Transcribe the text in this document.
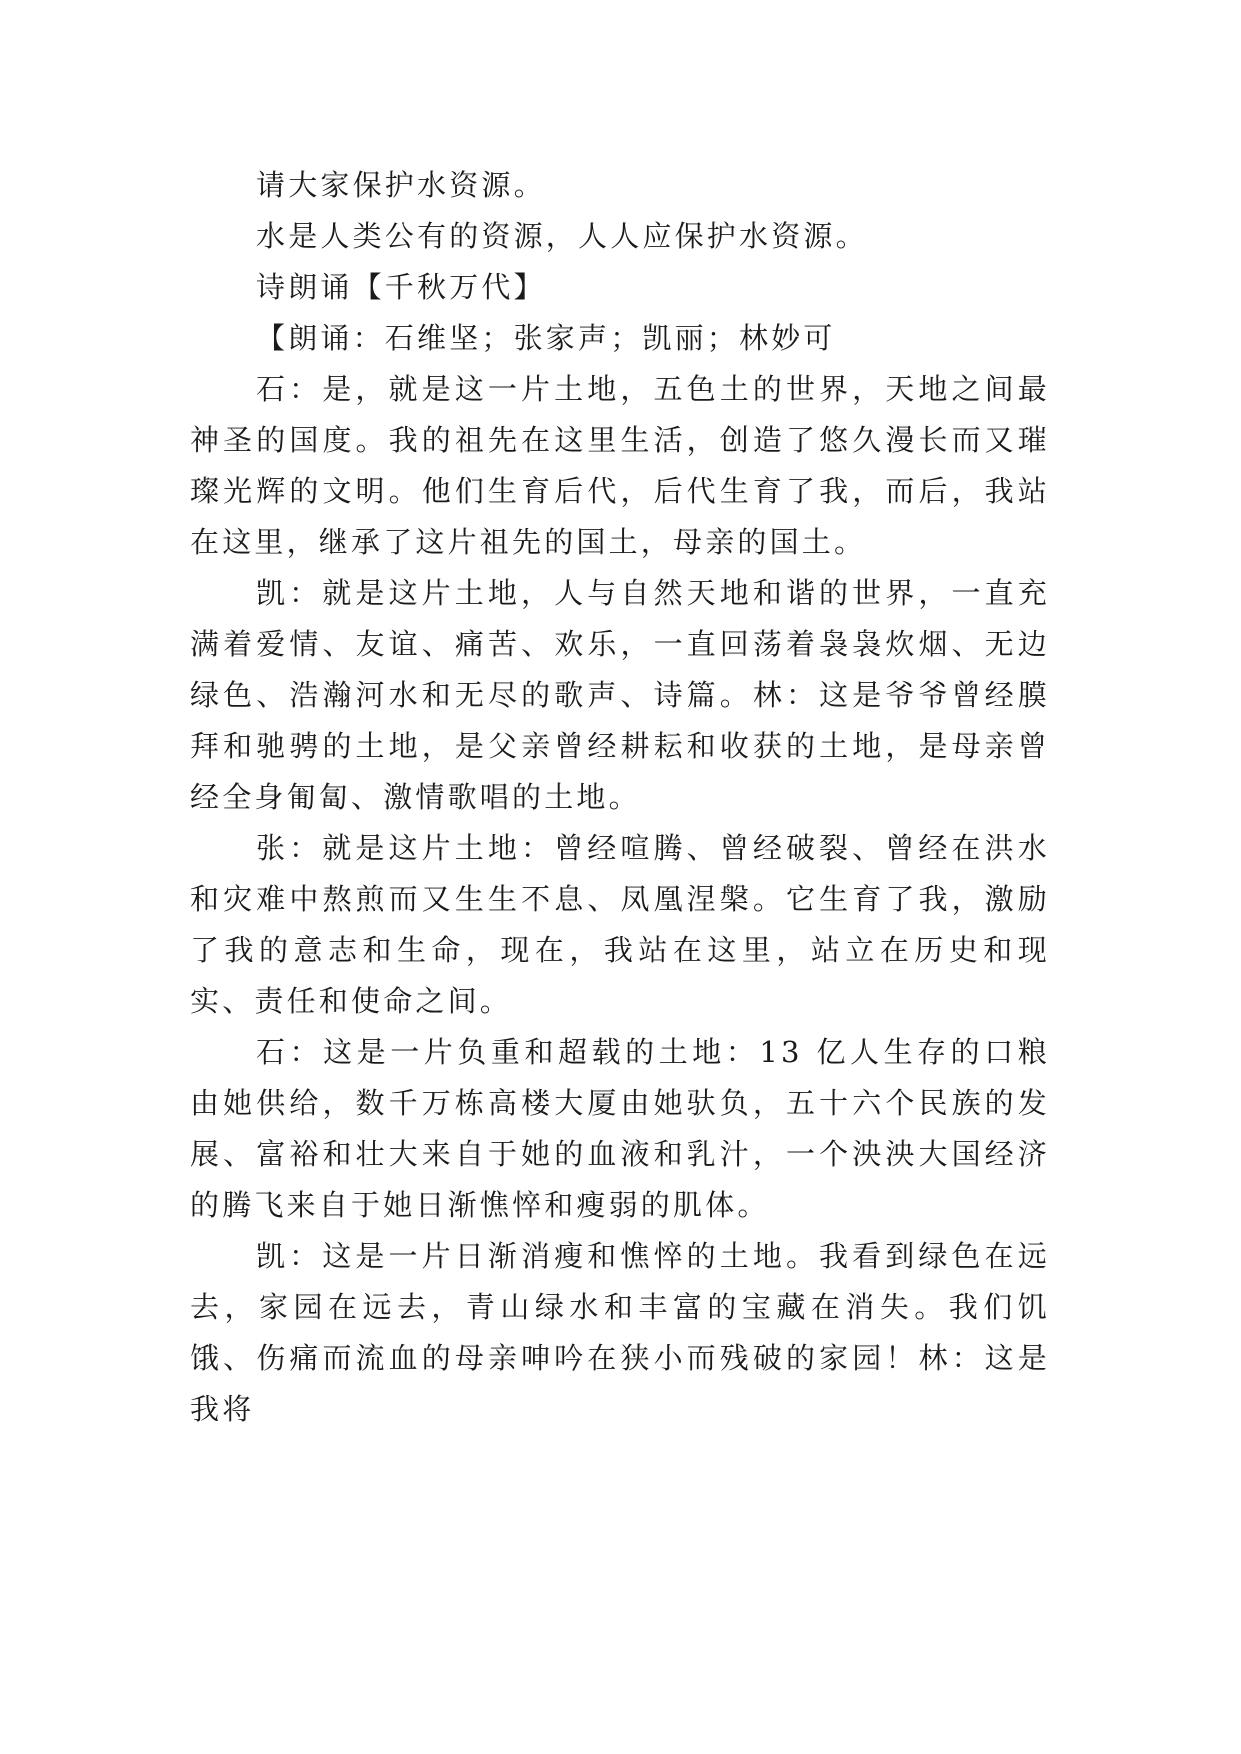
请大家保护水资源。

水是人类公有的资源，人人应保护水资源。

诗朗诵【千秋万代】

【朗诵：石维坚；张家声；凯丽；林妙可

石：是，就是这一片土地，五色土的世界，天地之间最神圣的国度。我的祖先在这里生活，创造了悠久漫长而又璀璨光辉的文明。他们生育后代，后代生育了我，而后，我站在这里，继承了这片祖先的国土，母亲的国土。

凯：就是这片土地，人与自然天地和谐的世界，一直充满着爱情、友谊、痛苦、欢乐，一直回荡着袅袅炊烟、无边绿色、浩瀚河水和无尽的歌声、诗篇。林：这是爷爷曾经膜拜和驰骋的土地，是父亲曾经耕耘和收获的土地，是母亲曾经全身匍匐、激情歌唱的土地。

张：就是这片土地：曾经喧腾、曾经破裂、曾经在洪水和灾难中熬煎而又生生不息、凤凰涅槃。它生育了我，激励了我的意志和生命，现在，我站在这里，站立在历史和现实、责任和使命之间。

石：这是一片负重和超载的土地：13 亿人生存的口粮由她供给，数千万栋高楼大厦由她驮负，五十六个民族的发展、富裕和壮大来自于她的血液和乳汁，一个泱泱大国经济的腾飞来自于她日渐憔悴和瘦弱的肌体。

凯：这是一片日渐消瘦和憔悴的土地。我看到绿色在远去，家园在远去，青山绿水和丰富的宝藏在消失。我们饥饿、伤痛而流血的母亲呻吟在狭小而残破的家园！林：这是我将
